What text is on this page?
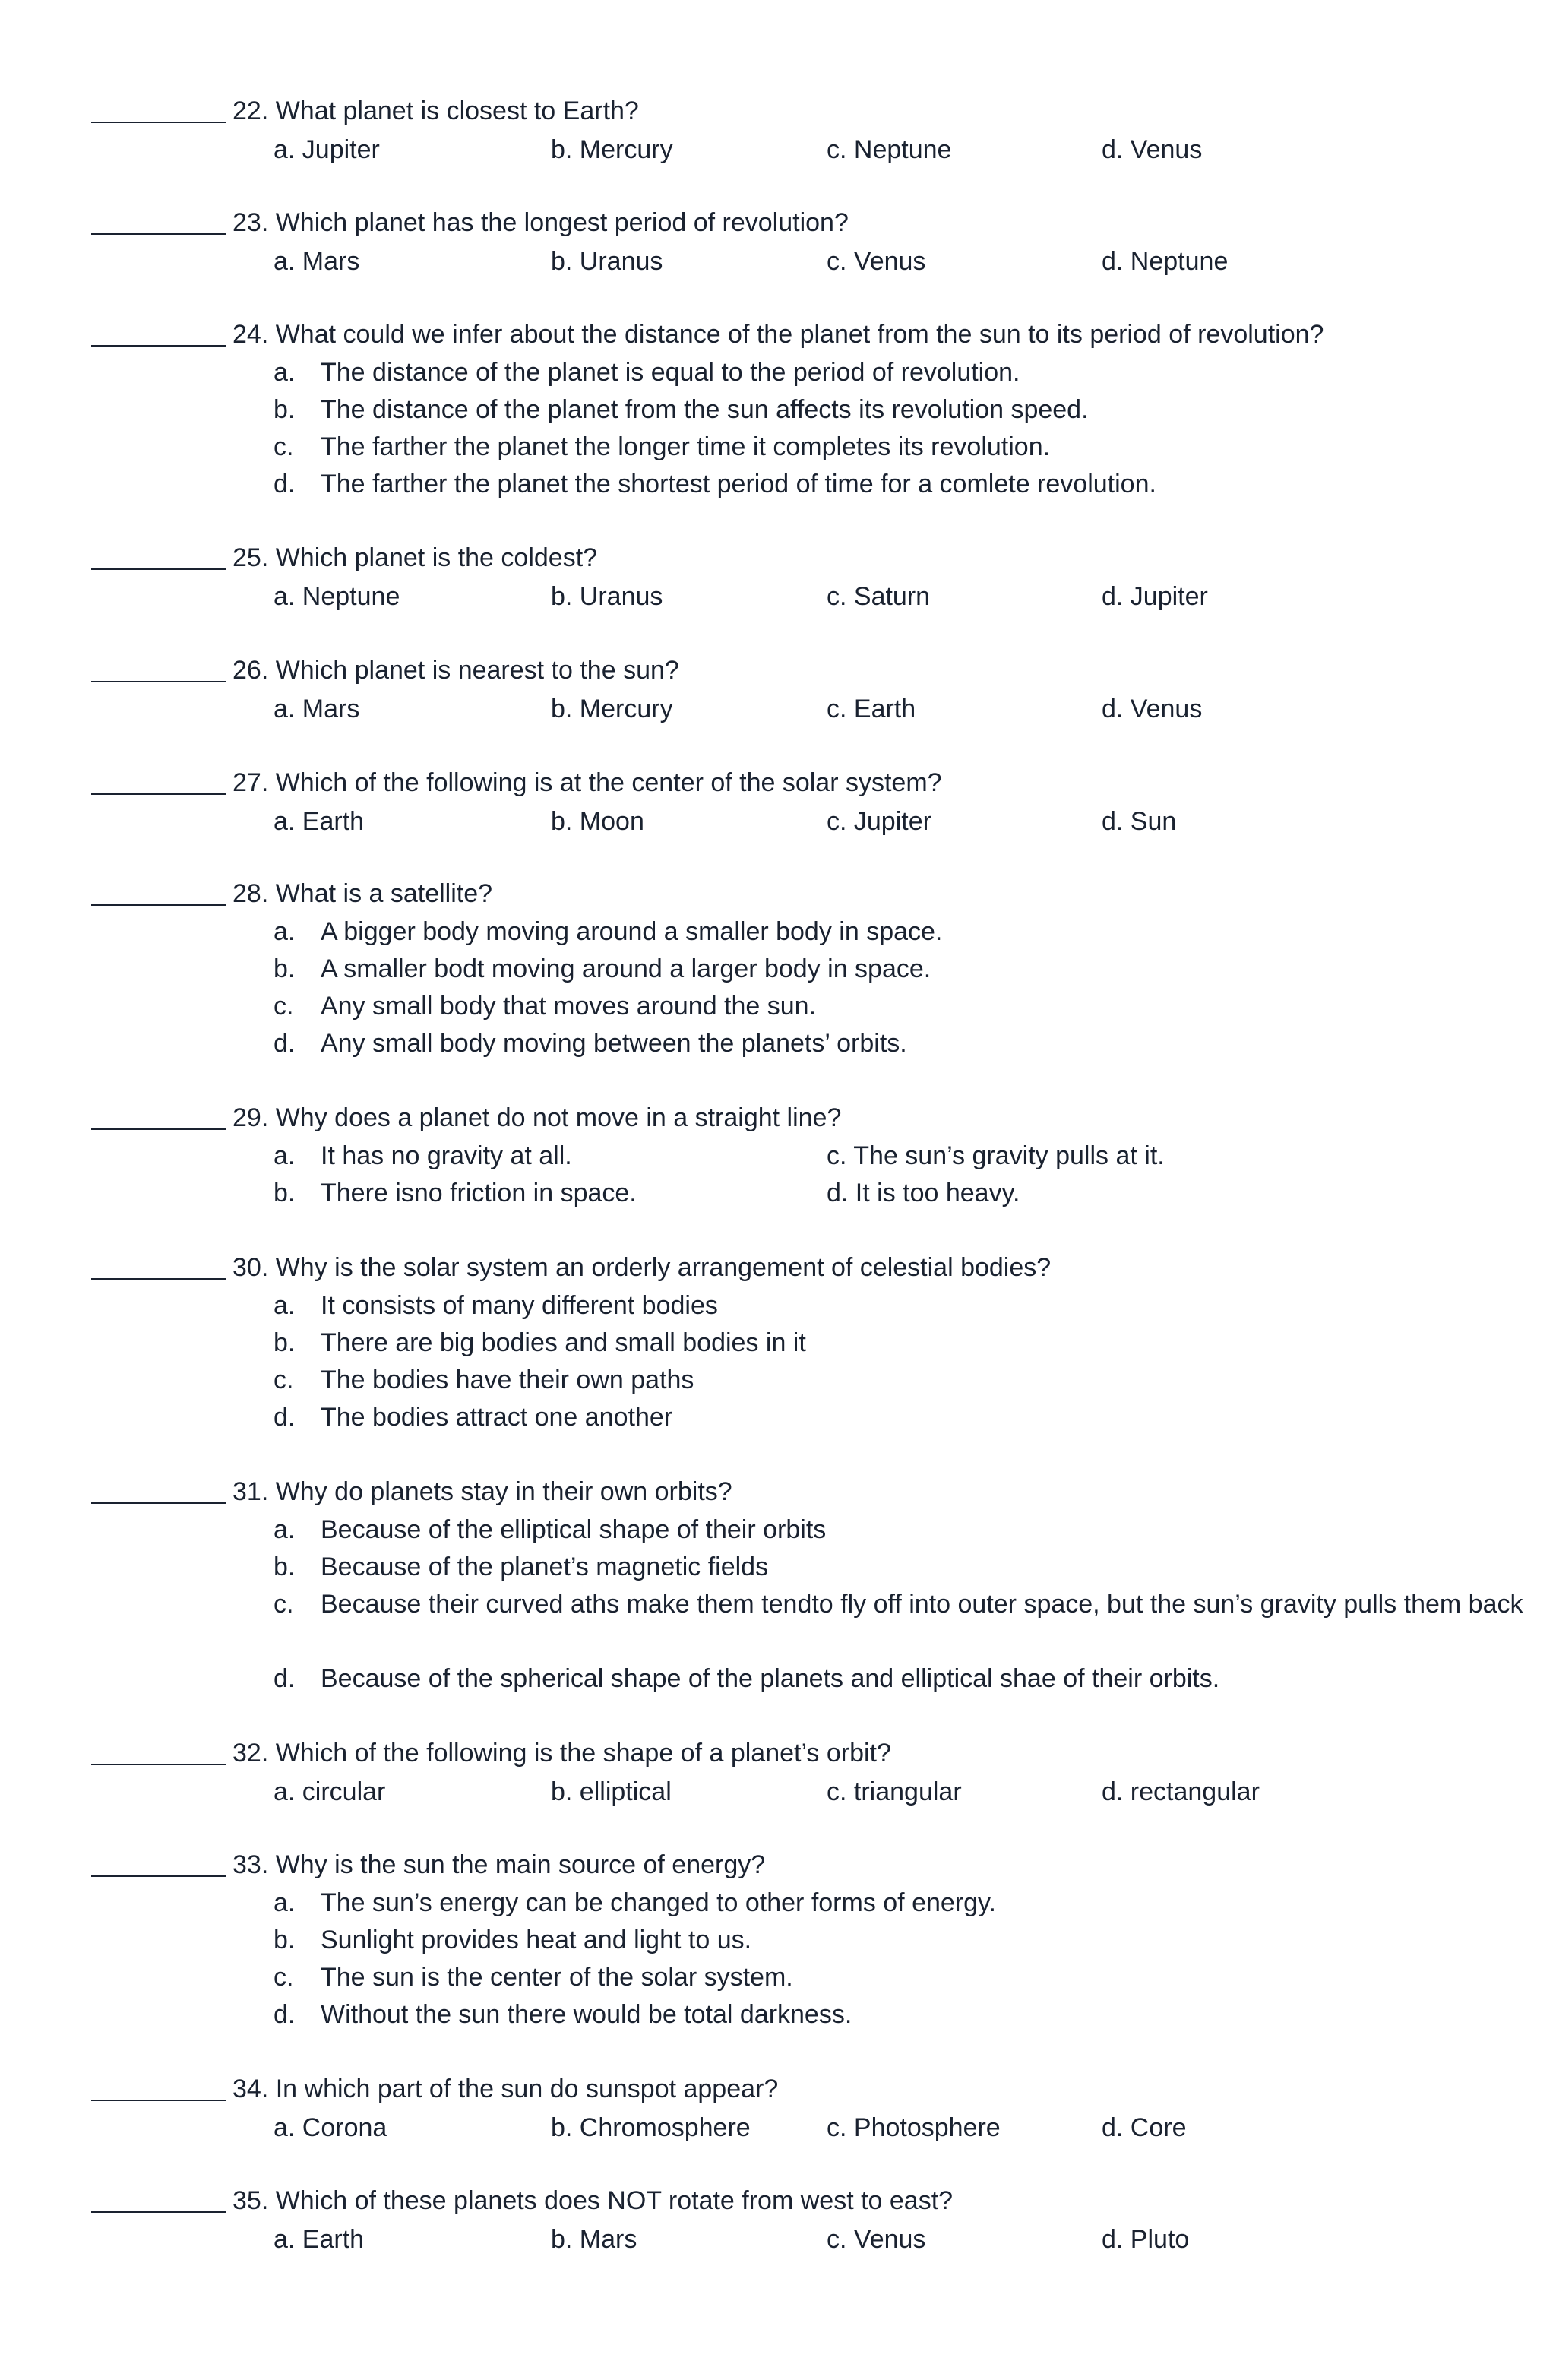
22. What planet is closest to Earth?
a. Jupiter	b. Mercury	c. Neptune	d. Venus
23. Which planet has the longest period of revolution?
a. Mars	b. Uranus	c. Venus	d. Neptune
24. What could we infer about the distance of the planet from the sun to its period of revolution?
a. The distance of the planet is equal to the period of revolution.
b. The distance of the planet from the sun affects its revolution speed.
c. The farther the planet the longer time it completes its revolution.
d. The farther the planet the shortest period of time for a comlete revolution.
25. Which planet is the coldest?
a. Neptune	b. Uranus	c. Saturn	d. Jupiter
26. Which planet is nearest to the sun?
a. Mars	b. Mercury	c. Earth	d. Venus
27. Which of the following is at the center of the solar system?
a. Earth	b. Moon	c. Jupiter	d. Sun
28. What is a satellite?
a. A bigger body moving around a smaller body in space.
b. A smaller bodt moving around a larger body in space.
c. Any small body that moves around the sun.
d. Any small body moving between the planets’ orbits.
29. Why does a planet do not move in a straight line?
a. It has no gravity at all.	c. The sun’s gravity pulls at it.
b. There isno friction in space.	d. It is too heavy.
30. Why is the solar system an orderly arrangement of celestial bodies?
a. It consists of many different bodies
b. There are big bodies and small bodies in it
c. The bodies have their own paths
d. The bodies attract one another
31. Why do planets stay in their own orbits?
a. Because of the elliptical shape of their orbits
b. Because of the planet’s magnetic fields
c. Because their curved aths make them tendto fly off into outer space, but the sun’s gravity pulls them back
d. Because of the spherical shape of the planets and elliptical shae of their orbits.
32. Which of the following is the shape of a planet’s orbit?
a. circular	b. elliptical	c. triangular	d. rectangular
33. Why is the sun the main source of energy?
a. The sun’s energy can be changed to other forms of energy.
b. Sunlight provides heat and light to us.
c. The sun is the center of the solar system.
d. Without the sun there would be total darkness.
34. In which part of the sun do sunspot appear?
a. Corona	b. Chromosphere	c. Photosphere	d. Core
35. Which of these planets does NOT rotate from west to east?
a. Earth	b. Mars	c. Venus	d. Pluto
